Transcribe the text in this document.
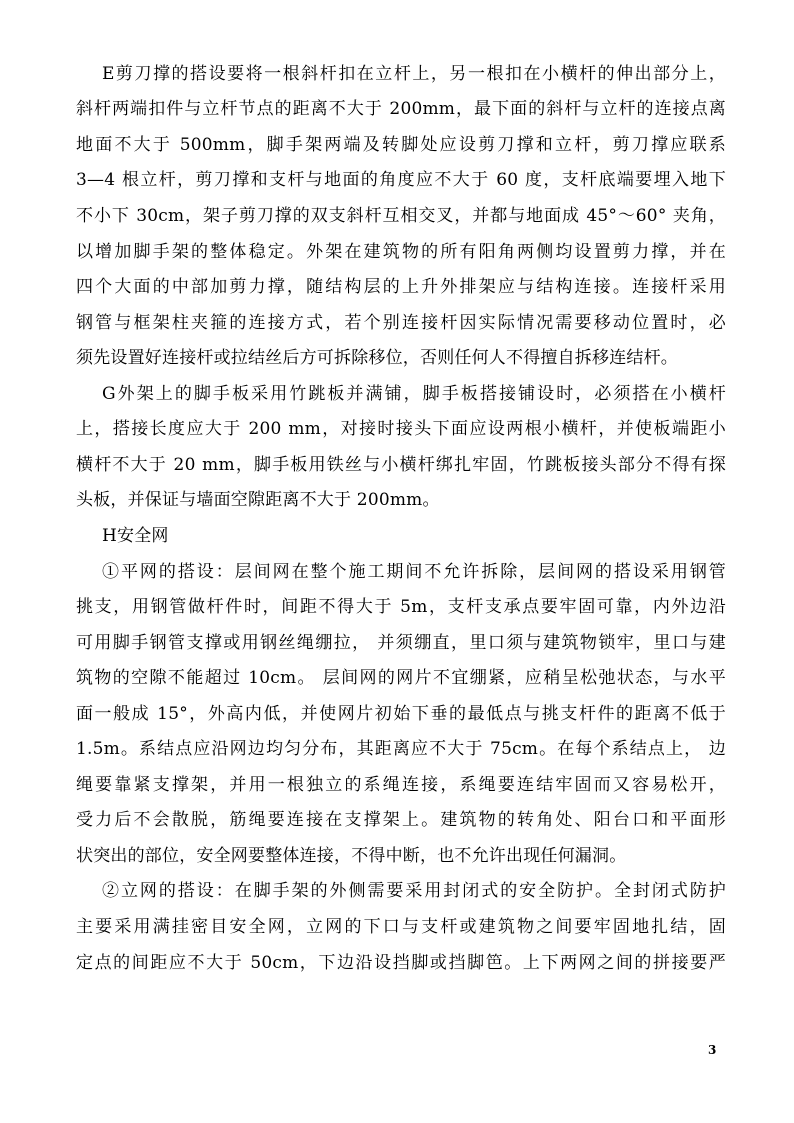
E剪刀撑的搭设要将一根斜杆扣在立杆上，另一根扣在小横杆的伸出部分上，
斜杆两端扣件与立杆节点的距离不大于 200mm，最下面的斜杆与立杆的连接点离
地面不大于 500mm，脚手架两端及转脚处应设剪刀撑和立杆，剪刀撑应联系
3—4 根立杆，剪刀撑和支杆与地面的角度应不大于 60 度，支杆底端要埋入地下
不小下 30cm，架子剪刀撑的双支斜杆互相交叉，并都与地面成 45°～60° 夹角，
以增加脚手架的整体稳定。外架在建筑物的所有阳角两侧均设置剪力撑，并在
四个大面的中部加剪力撑，随结构层的上升外排架应与结构连接。连接杆采用
钢管与框架柱夹箍的连接方式，若个别连接杆因实际情况需要移动位置时，必
须先设置好连接杆或拉结丝后方可拆除移位，否则任何人不得擅自拆移连结杆。
G外架上的脚手板采用竹跳板并满铺，脚手板搭接铺设时，必须搭在小横杆
上，搭接长度应大于 200 mm，对接时接头下面应设两根小横杆，并使板端距小
横杆不大于 20 mm，脚手板用铁丝与小横杆绑扎牢固，竹跳板接头部分不得有探
头板，并保证与墙面空隙距离不大于 200mm。
H安全网
①平网的搭设：层间网在整个施工期间不允许拆除，层间网的搭设采用钢管
挑支，用钢管做杆件时，间距不得大于 5m，支杆支承点要牢固可靠，内外边沿
可用脚手钢管支撑或用钢丝绳绷拉， 并须绷直，里口须与建筑物锁牢，里口与建
筑物的空隙不能超过 10cm。 层间网的网片不宜绷紧，应稍呈松弛状态，与水平
面一般成 15°，外高内低，并使网片初始下垂的最低点与挑支杆件的距离不低于
1.5m。系结点应沿网边均匀分布，其距离应不大于 75cm。在每个系结点上， 边
绳要靠紧支撑架，并用一根独立的系绳连接，系绳要连结牢固而又容易松开，
受力后不会散脱，筋绳要连接在支撑架上。建筑物的转角处、阳台口和平面形
状突出的部位，安全网要整体连接，不得中断，也不允许出现任何漏洞。
②立网的搭设：在脚手架的外侧需要采用封闭式的安全防护。全封闭式防护
主要采用满挂密目安全网，立网的下口与支杆或建筑物之间要牢固地扎结，固
定点的间距应不大于 50cm，下边沿设挡脚或挡脚笆。上下两网之间的拼接要严
3
